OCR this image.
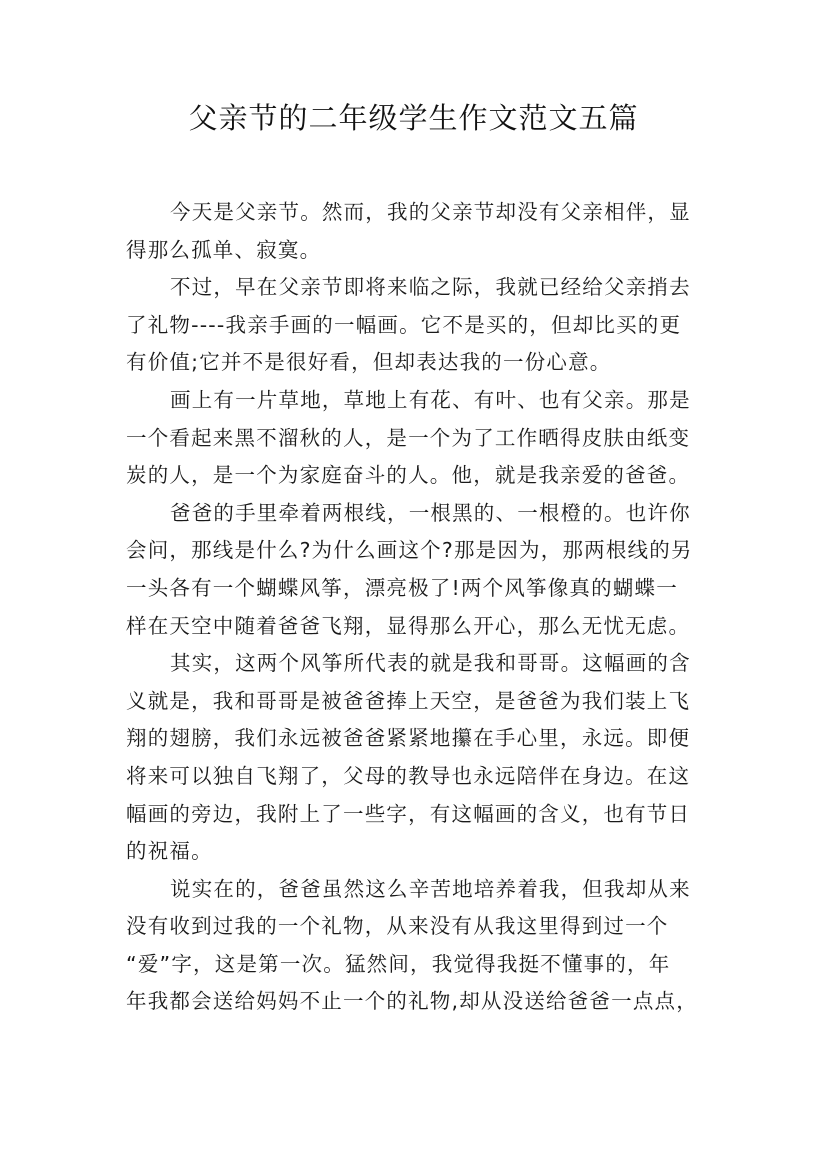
父亲节的二年级学生作文范文五篇
今天是父亲节。然而，我的父亲节却没有父亲相伴，显
得那么孤单、寂寞。
不过，早在父亲节即将来临之际，我就已经给父亲捎去
了礼物----我亲手画的一幅画。它不是买的，但却比买的更
有价值;它并不是很好看，但却表达我的一份心意。
画上有一片草地，草地上有花、有叶、也有父亲。那是
一个看起来黑不溜秋的人，是一个为了工作晒得皮肤由纸变
炭的人，是一个为家庭奋斗的人。他，就是我亲爱的爸爸。
爸爸的手里牵着两根线，一根黑的、一根橙的。也许你
会问，那线是什么?为什么画这个?那是因为，那两根线的另
一头各有一个蝴蝶风筝，漂亮极了!两个风筝像真的蝴蝶一
样在天空中随着爸爸飞翔，显得那么开心，那么无忧无虑。
其实，这两个风筝所代表的就是我和哥哥。这幅画的含
义就是，我和哥哥是被爸爸捧上天空，是爸爸为我们装上飞
翔的翅膀，我们永远被爸爸紧紧地攥在手心里，永远。即便
将来可以独自飞翔了，父母的教导也永远陪伴在身边。在这
幅画的旁边，我附上了一些字，有这幅画的含义，也有节日
的祝福。
说实在的，爸爸虽然这么辛苦地培养着我，但我却从来
没有收到过我的一个礼物，从来没有从我这里得到过一个
“爱”字，这是第一次。猛然间，我觉得我挺不懂事的，年
年我都会送给妈妈不止一个的礼物,却从没送给爸爸一点点，
